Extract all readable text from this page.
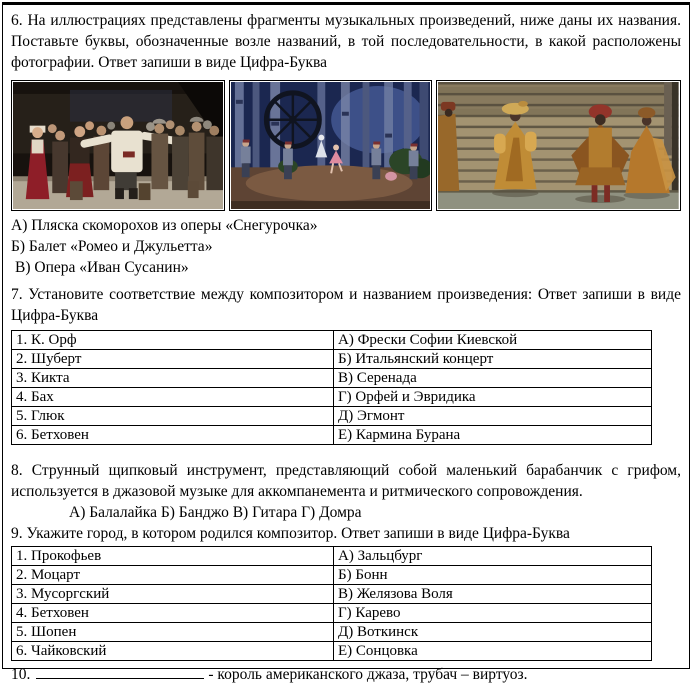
6. На иллюстрациях представлены фрагменты музыкальных произведений, ниже даны их названия. Поставьте буквы, обозначенные возле названий, в той последовательности, в какой расположены фотографии. Ответ запиши в виде Цифра-Буква

А) Пляска скоморохов из оперы «Снегурочка»
Б) Балет «Ромео и Джульетта»
В) Опера «Иван Сусанин»

7. Установите соответствие между композитором и названием произведения: Ответ запиши в виде Цифра-Буква

1. К. Орф	А) Фрески Софии Киевской
2. Шуберт	Б) Итальянский концерт
3. Кикта	В) Серенада
4. Бах	Г) Орфей и Эвридика
5. Глюк	Д) Эгмонт
6. Бетховен	Е) Кармина Бурана

8. Струнный щипковый инструмент, представляющий собой маленький барабанчик с грифом, используется в джазовой музыке для аккомпанемента и ритмического сопровождения.

А) Балалайка Б) Банджо В) Гитара Г) Домра
9. Укажите город, в котором родился композитор. Ответ запиши в виде Цифра-Буква
1. Прокофьев	А) Зальцбург
2. Моцарт	Б) Бонн
3. Мусоргский	В) Желязова Воля
4. Бетховен	Г) Карево
5. Шопен	Д) Воткинск
6. Чайковский	Е) Сонцовка
10.	- король американского джаза, трубач – виртуоз.
